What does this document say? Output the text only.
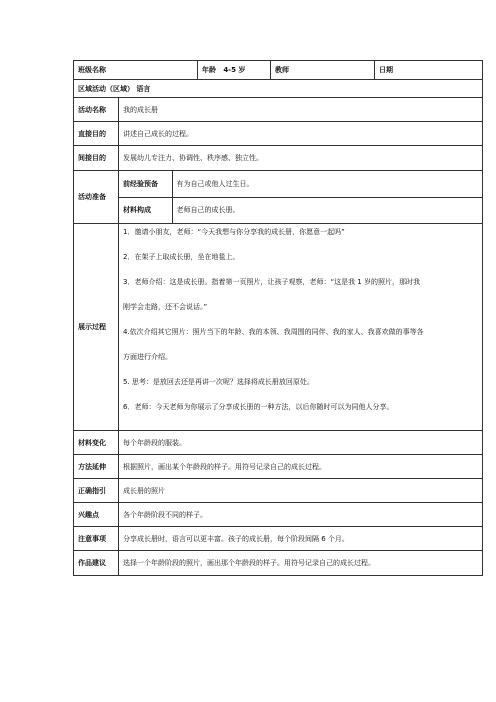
班级名称	年龄 4-5 岁	教师	日期
区域活动（区域） 语言
活动名称	我的成长册
直接目的	讲述自己成长的过程。
间接目的	发展幼儿专注力、协调性、秩序感、独立性。
活动准备	
前经验预备	有为自己或他人过生日。
材料构成	老师自己的成长册。

展示过程	
1．邀请小朋友，老师：“今天我想与你分享我的成长册，你愿意一起吗”
2．在架子上取成长册，坐在地毯上。
3．老师介绍：这是成长册。指着第一页照片，让孩子观察，老师：“这是我 1 岁的照片，那时我
刚学会走路，还不会说话。”
4.依次介绍其它照片：照片当下的年龄、我的本领、我周围的同伴、我的家人、我喜欢做的事等各
方面进行介绍。
5. 思考：是放回去还是再讲一次呢？选择将成长册放回原处。
6．老师：今天老师为你展示了分享成长册的一种方法，以后你随时可以为同他人分享。

材料变化	每个年龄段的服装。
方法延伸	根据照片，画出某个年龄段的样子。用符号记录自己的成长过程。
正确指引	成长册的照片
兴趣点	各个年龄阶段不同的样子。
注意事项	分享成长册时，语言可以更丰富。孩子的成长册，每个阶段间隔 6 个月。
作品建议	选择一个年龄阶段的照片，画出那个年龄段的样子。用符号记录自己的成长过程。
